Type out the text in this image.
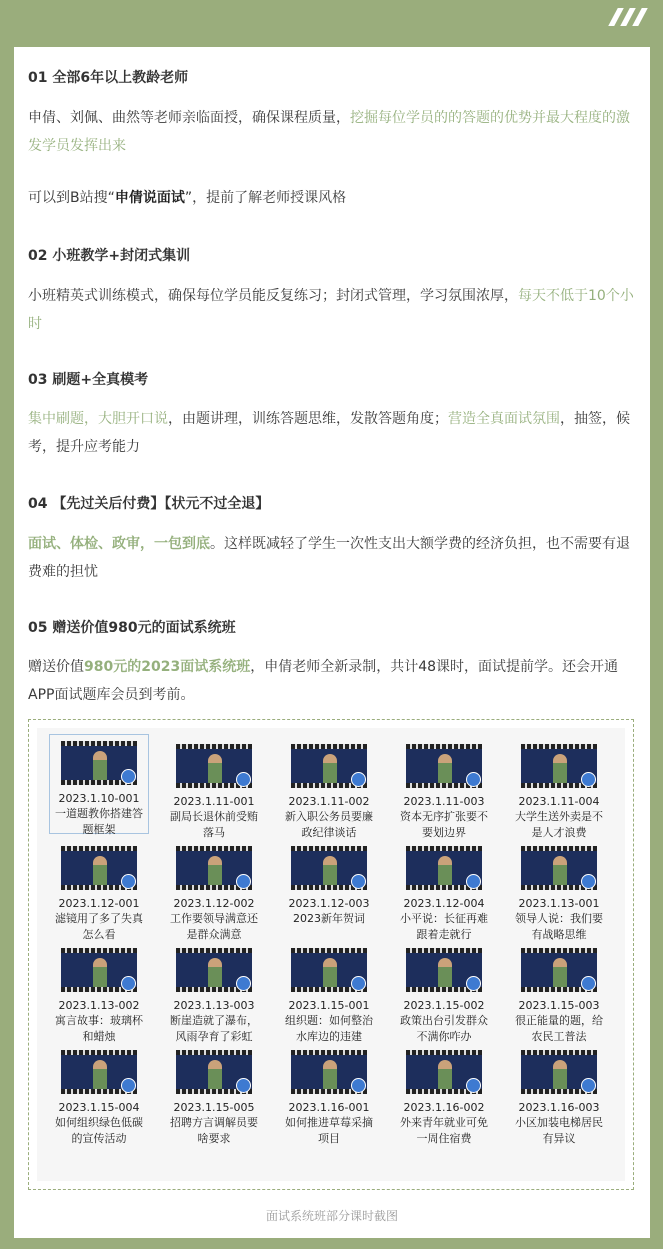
01 全部6年以上教龄老师
申倩、刘佩、曲然等老师亲临面授，确保课程质量，挖掘每位学员的的答题的优势并最大程度的激发学员发挥出来
可以到B站搜“申倩说面试”，提前了解老师授课风格
02 小班教学+封闭式集训
小班精英式训练模式，确保每位学员能反复练习；封闭式管理，学习氛围浓厚，每天不低于10个小时
03 刷题+全真模考
集中刷题，大胆开口说，由题讲理，训练答题思维，发散答题角度；营造全真面试氛围，抽签，候考，提升应考能力
04 【先过关后付费】【状元不过全退】
面试、体检、政审，一包到底。这样既减轻了学生一次性支出大额学费的经济负担，也不需要有退费难的担忧
05 赠送价值980元的面试系统班
赠送价值980元的2023面试系统班，申倩老师全新录制，共计48课时，面试提前学。还会开通APP面试题库会员到考前。
2023.1.10-001
一道题教你搭建答题框架
2023.1.11-001
副局长退休前受贿落马
2023.1.11-002
新入职公务员要廉政纪律谈话
2023.1.11-003
资本无序扩张要不要划边界
2023.1.11-004
大学生送外卖是不是人才浪费
2023.1.12-001
滤镜用了多了失真怎么看
2023.1.12-002
工作要领导满意还是群众满意
2023.1.12-003
2023新年贺词
2023.1.12-004
小平说：长征再难跟着走就行
2023.1.13-001
领导人说：我们要有战略思维
2023.1.13-002
寓言故事：玻璃杯和蜡烛
2023.1.13-003
断崖造就了瀑布，风雨孕育了彩虹
2023.1.15-001
组织题：如何整治水库边的违建
2023.1.15-002
政策出台引发群众不满你咋办
2023.1.15-003
很正能量的题，给农民工普法
2023.1.15-004
如何组织绿色低碳的宣传活动
2023.1.15-005
招聘方言调解员要啥要求
2023.1.16-001
如何推进草莓采摘项目
2023.1.16-002
外来青年就业可免一周住宿费
2023.1.16-003
小区加装电梯居民有异议
面试系统班部分课时截图
